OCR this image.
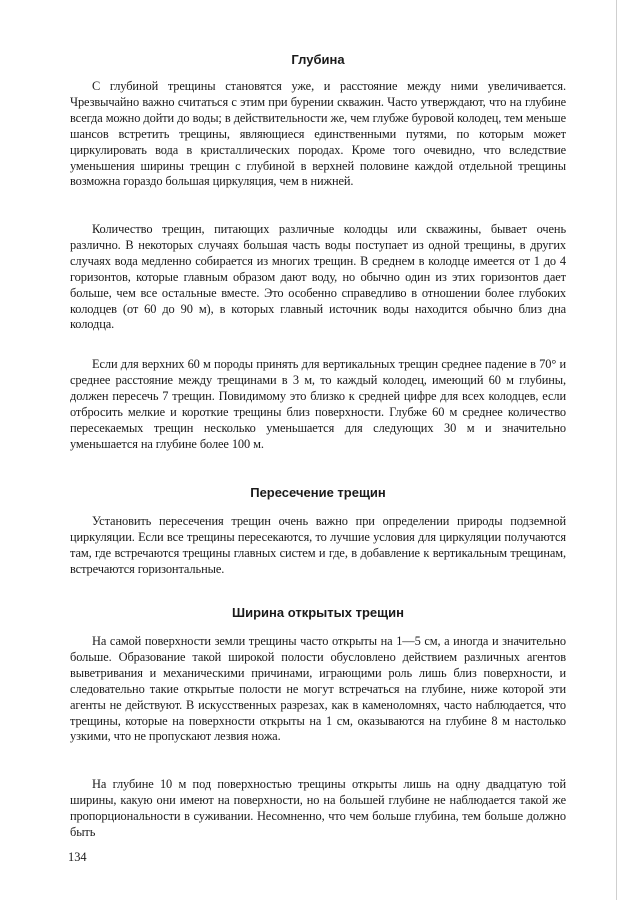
Глубина

С глубиной трещины становятся уже, и расстояние между ними увеличивается. Чрезвычайно важно считаться с этим при бурении скважин. Часто утверждают, что на глубине всегда можно дойти до воды; в действительности же, чем глубже буровой колодец, тем меньше шансов встретить трещины, являющиеся единственными путями, по которым может циркулировать вода в кристаллических породах. Кроме того очевидно, что вследствие уменьшения ширины трещин с глубиной в верхней половине каждой отдельной трещины возможна гораздо большая циркуляция, чем в нижней.

Количество трещин, питающих различные колодцы или скважины, бывает очень различно. В некоторых случаях большая часть воды поступает из одной трещины, в других случаях вода медленно собирается из многих трещин. В среднем в колодце имеется от 1 до 4 горизонтов, которые главным образом дают воду, но обычно один из этих горизонтов дает больше, чем все остальные вместе. Это особенно справедливо в отношении более глубоких колодцев (от 60 до 90 м), в которых главный источник воды находится обычно близ дна колодца.

Если для верхних 60 м породы принять для вертикальных трещин среднее падение в 70° и среднее расстояние между трещинами в 3 м, то каждый колодец, имеющий 60 м глубины, должен пересечь 7 трещин. Повидимому это близко к средней цифре для всех колодцев, если отбросить мелкие и короткие трещины близ поверхности. Глубже 60 м среднее количество пересекаемых трещин несколько уменьшается для следующих 30 м и значительно уменьшается на глубине более 100 м.

Пересечение трещин

Установить пересечения трещин очень важно при определении природы подземной циркуляции. Если все трещины пересекаются, то лучшие условия для циркуляции получаются там, где встречаются трещины главных систем и где, в добавление к вертикальным трещинам, встречаются горизонтальные.

Ширина открытых трещин

На самой поверхности земли трещины часто открыты на 1—5 см, а иногда и значительно больше. Образование такой широкой полости обусловлено действием различных агентов выветривания и механическими причинами, играющими роль лишь близ поверхности, и следовательно такие открытые полости не могут встречаться на глубине, ниже которой эти агенты не действуют. В искусственных разрезах, как в каменоломнях, часто наблюдается, что трещины, которые на поверхности открыты на 1 см, оказываются на глубине 8 м настолько узкими, что не пропускают лезвия ножа.

На глубине 10 м под поверхностью трещины открыты лишь на одну двадцатую той ширины, какую они имеют на поверхности, но на большей глубине не наблюдается такой же пропорциональности в суживании. Несомненно, что чем больше глубина, тем больше должно быть

134
